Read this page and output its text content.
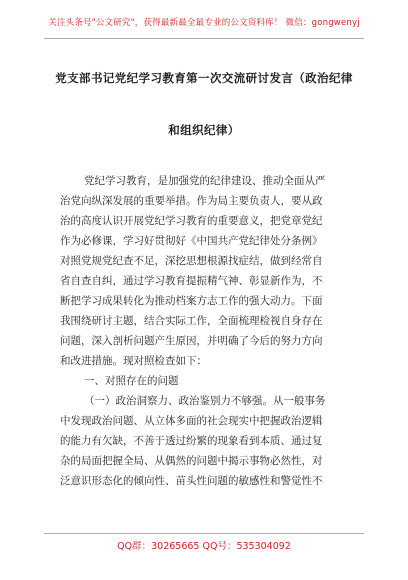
关注头条号"公文研究"，获得最新最全最专业的公文资料库！ 微信：gongwenyj
党支部书记党纪学习教育第一次交流研讨发言（政治纪律
和组织纪律）
党纪学习教育，是加强党的纪律建设、推动全面从严
治党向纵深发展的重要举措。作为局主要负责人，要从政
治的高度认识开展党纪学习教育的重要意义，把党章党纪
作为必修课，学习好贯彻好《中国共产党纪律处分条例》
对照党规党纪查不足，深挖思想根源找症结，做到经常自
省自查自纠，通过学习教育提振精气神、彰显新作为，不
断把学习成果转化为推动档案方志工作的强大动力。下面
我围绕研讨主题，结合实际工作，全面梳理检视自身存在
问题，深入剖析问题产生原因，并明确了今后的努力方向
和改进措施。现对照检查如下：
一、对照存在的问题
（一）政治洞察力、政治鉴别力不够强。从一般事务
中发现政治问题、从立体多面的社会现实中把握政治逻辑
的能力有欠缺，不善于透过纷繁的现象看到本质、通过复
杂的局面把握全局、从偶然的问题中揭示事物必然性，对
泛意识形态化的倾向性、苗头性问题的敏感性和警觉性不
QQ群：30265665 QQ号：535304092
